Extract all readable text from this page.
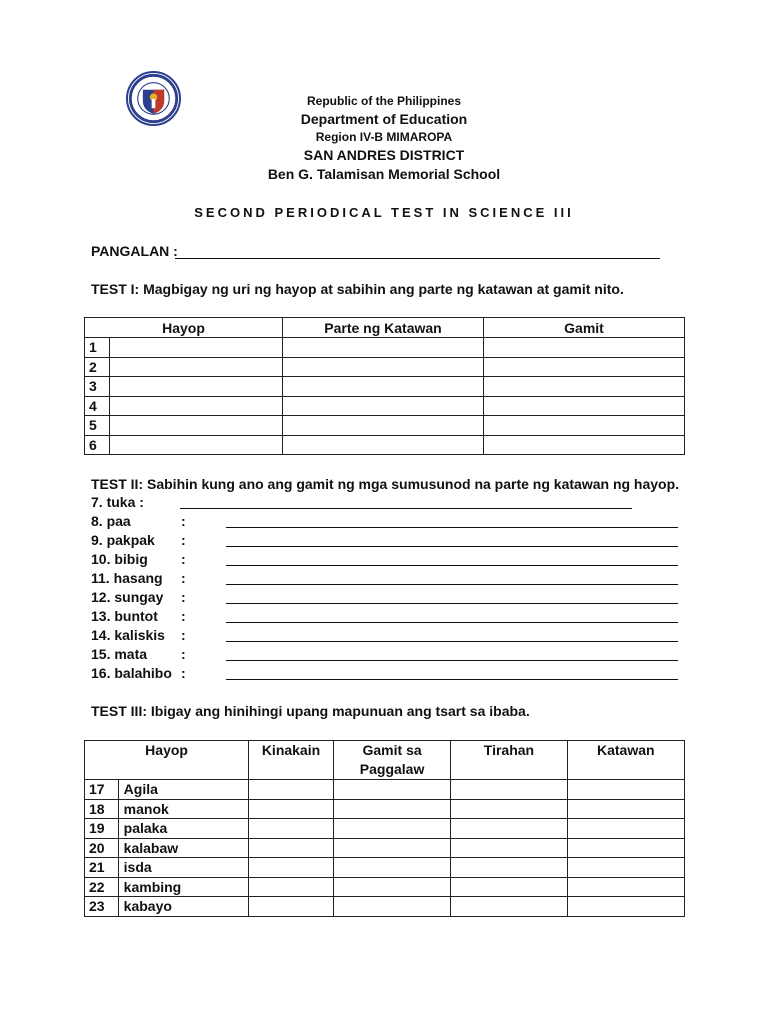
Republic of the Philippines
Department of Education
Region IV-B MIMAROPA
SAN ANDRES DISTRICT
Ben G. Talamisan Memorial School
SECOND PERIODICAL TEST IN SCIENCE III
PANGALAN :
TEST I: Magbigay ng uri ng hayop at sabihin ang parte ng katawan at gamit nito.
Hayop		Parte ng Katawan	Gamit
1			
2			
3			
4			
5			
6			
TEST II: Sabihin kung ano ang gamit ng mga sumusunod na parte ng katawan ng hayop.
7. tuka :
8. paa	:
9. pakpak :
10. bibig :
11. hasang :
12. sungay :
13. buntot :
14. kaliskis :
15. mata :
16. balahibo :
TEST III: Ibigay ang hinihingi upang mapunuan ang tsart sa ibaba.
Hayop		Kinakain	Gamit sa Paggalaw	Tirahan	Katawan
17	Agila				
18	manok				
19	palaka				
20	kalabaw				
21	isda				
22	kambing				
23	kabayo				
